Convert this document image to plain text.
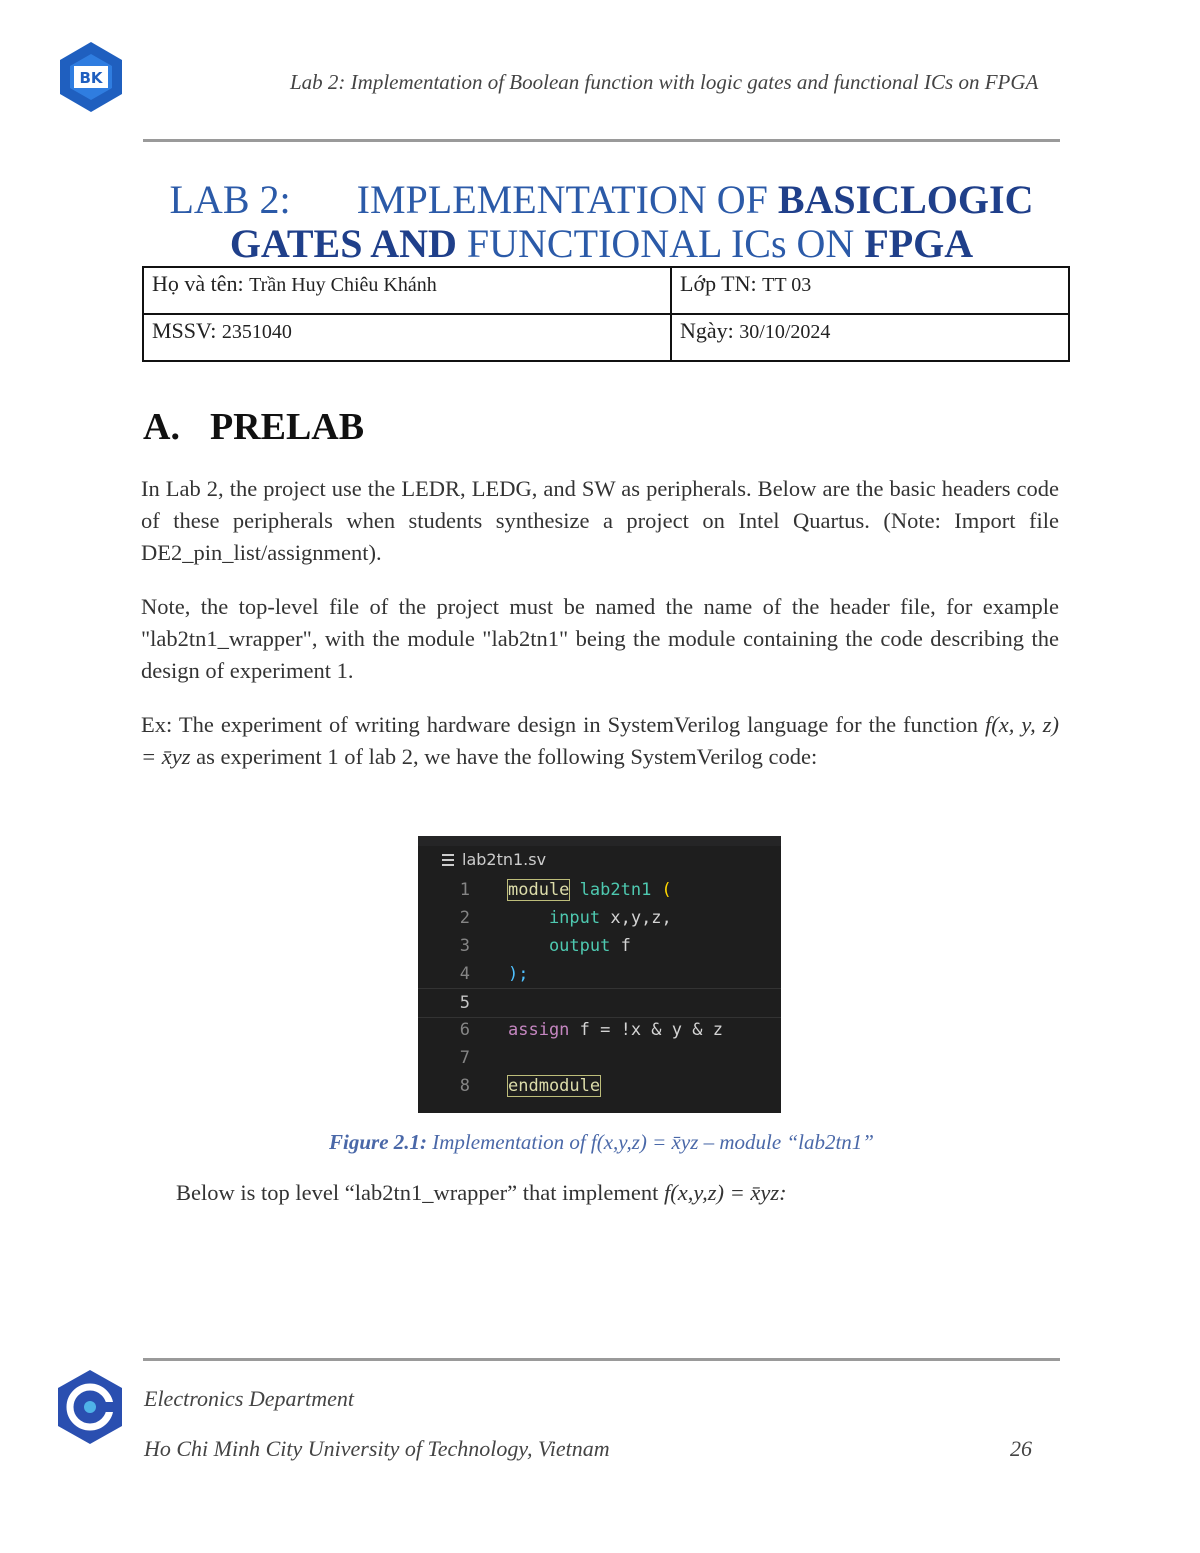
BK	Lab 2: Implementation of Boolean function with logic gates and functional ICs on FPGA
LAB 2: IMPLEMENTATION OF BASICLOGIC
GATES AND FUNCTIONAL ICs ON FPGA
Họ và tên: Trần Huy Chiêu Khánh	Lớp TN: TT 03
MSSV: 2351040	Ngày: 30/10/2024
A. PRELAB
In Lab 2, the project use the LEDR, LEDG, and SW as peripherals. Below are the basic headers code of these peripherals when students synthesize a project on Intel Quartus. (Note: Import file DE2_pin_list/assignment).
Note, the top-level file of the project must be named the name of the header file, for example "lab2tn1_wrapper", with the module "lab2tn1" being the module containing the code describing the design of experiment 1.
Ex: The experiment of writing hardware design in SystemVerilog language for the function f(x, y, z) = x̄yz as experiment 1 of lab 2, we have the following SystemVerilog code:
lab2tn1.sv
1 module lab2tn1 (
2 input x,y,z,
3 output f
4 );
5
6 assign f = !x & y & z
7
8 endmodule
Figure 2.1: Implementation of f(x,y,z) = x̄yz – module “lab2tn1”
Below is top level “lab2tn1_wrapper” that implement f(x,y,z) = x̄yz:
Electronics Department
Ho Chi Minh City University of Technology, Vietnam	26
